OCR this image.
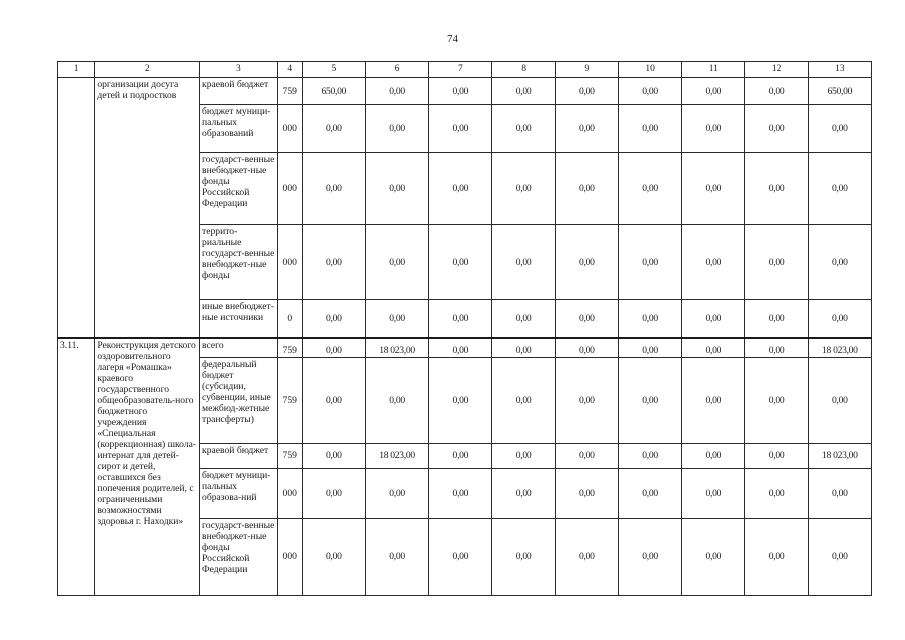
74
1	2	3	4	5	6	7	8	9	10	11	12	13
	организации досуга детей и подростков	краевой бюджет	759	650,00	0,00	0,00	0,00	0,00	0,00	0,00	0,00	650,00
		бюджет муници-пальных образований	000	0,00	0,00	0,00	0,00	0,00	0,00	0,00	0,00	0,00
		государст-венные внебюджет-ные фонды Российской Федерации	000	0,00	0,00	0,00	0,00	0,00	0,00	0,00	0,00	0,00
		террито-риальные государст-венные внебюджет-ные фонды	000	0,00	0,00	0,00	0,00	0,00	0,00	0,00	0,00	0,00
		иные внебюджет-ные источники	0	0,00	0,00	0,00	0,00	0,00	0,00	0,00	0,00	0,00
3.11.	Реконструкция детского оздоровительного лагеря «Ромашка» краевого государственного общеобразователь-ного бюджетного учреждения «Специальная (коррекционная) школа-интернат для детей-сирот и детей, оставшихся без попечения родителей, с ограниченными возможностями здоровья г. Находки»	всего	759	0,00	18 023,00	0,00	0,00	0,00	0,00	0,00	0,00	18 023,00
		федеральный бюджет (субсидии, субвенции, иные межбюд-жетные трансферты)	759	0,00	0,00	0,00	0,00	0,00	0,00	0,00	0,00	0,00
		краевой бюджет	759	0,00	18 023,00	0,00	0,00	0,00	0,00	0,00	0,00	18 023,00
		бюджет муници-пальных образова-ний	000	0,00	0,00	0,00	0,00	0,00	0,00	0,00	0,00	0,00
		государст-венные внебюджет-ные фонды Российской Федерации	000	0,00	0,00	0,00	0,00	0,00	0,00	0,00	0,00	0,00
